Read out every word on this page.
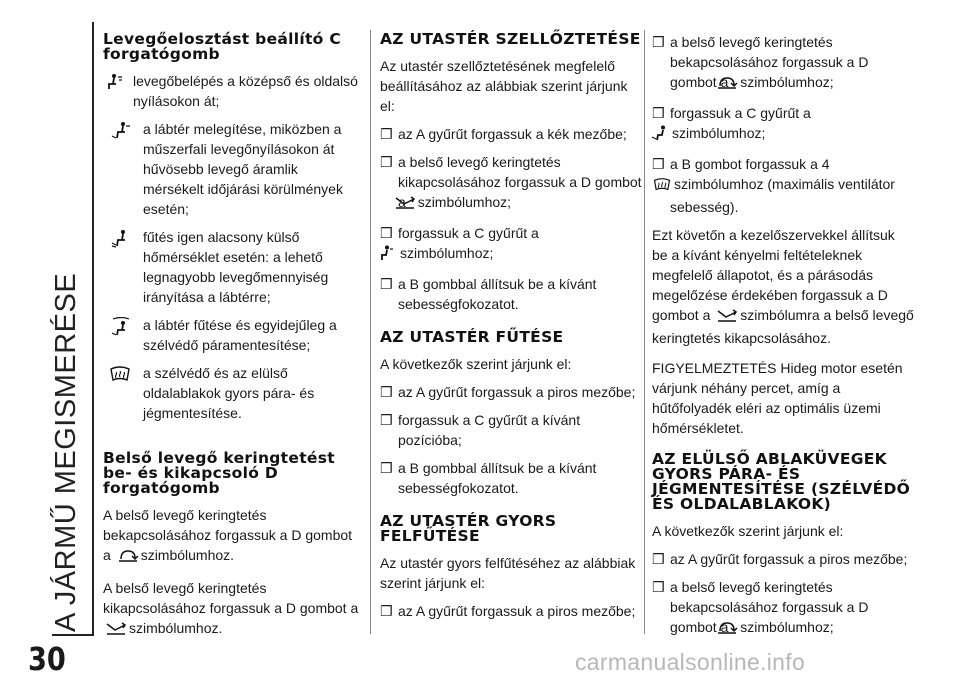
A JÁRMŰ MEGISMERÉSE
30
Levegőelosztást beállító C forgatógomb
levegőbelépés a középső és oldalsó nyílásokon át;
a lábtér melegítése, miközben a műszerfali levegőnyílásokon át hűvösebb levegő áramlik mérsékelt időjárási körülmények esetén;
fűtés igen alacsony külső hőmérséklet esetén: a lehető legnagyobb levegőmennyiség irányítása a lábtérre;
a lábtér fűtése és egyidejűleg a szélvédő páramentesítése;
a szélvédő és az elülső oldalablakok gyors pára- és jégmentesítése.
Belső levegő keringtetést be- és kikapcsoló D forgatógomb
A belső levegő keringtetés bekapcsolásához forgassuk a D gombot a szimbólumhoz.
A belső levegő keringtetés kikapcsolásához forgassuk a D gombot a szimbólumhoz.
AZ UTASTÉR SZELLŐZTETÉSE
Az utastér szellőztetésének megfelelő beállításához az alábbiak szerint járjunk el:
❒ az A gyűrűt forgassuk a kék mezőbe;
❒ a belső levegő keringtetés kikapcsolásához forgassuk a D gombot a szimbólumhoz;
❒ forgassuk a C gyűrűt a
szimbólumhoz;
❒ a B gombbal állítsuk be a kívánt sebességfokozatot.
AZ UTASTÉR FŰTÉSE
A következők szerint járjunk el:
❒ az A gyűrűt forgassuk a piros mezőbe;
❒ forgassuk a C gyűrűt a kívánt pozícióba;
❒ a B gombbal állítsuk be a kívánt sebességfokozatot.
AZ UTASTÉR GYORS FELFŰTÉSE
Az utastér gyors felfűtéséhez az alábbiak szerint járjunk el:
❒ az A gyűrűt forgassuk a piros mezőbe;
❒ a belső levegő keringtetés bekapcsolásához forgassuk a D gombot a szimbólumhoz;
❒ forgassuk a C gyűrűt a
szimbólumhoz;
❒ a B gombot forgassuk a 4
szimbólumhoz (maximális ventilátor sebesség).
Ezt követőn a kezelőszervekkel állítsuk be a kívánt kényelmi feltételeknek megfelelő állapotot, és a párásodás megelőzése érdekében forgassuk a D gombot a szimbólumra a belső levegő keringtetés kikapcsolásához.
FIGYELMEZTETÉS Hideg motor esetén várjunk néhány percet, amíg a hűtőfolyadék eléri az optimális üzemi hőmérsékletet.
AZ ELÜLSŐ ABLAKÜVEGEK GYORS PÁRA- ÉS JÉGMENTESÍTÉSE (SZÉLVÉDŐ ÉS OLDALABLAKOK)
A következők szerint járjunk el:
❒ az A gyűrűt forgassuk a piros mezőbe;
❒ a belső levegő keringtetés bekapcsolásához forgassuk a D gombot a szimbólumhoz;
carmanualsonline.info
